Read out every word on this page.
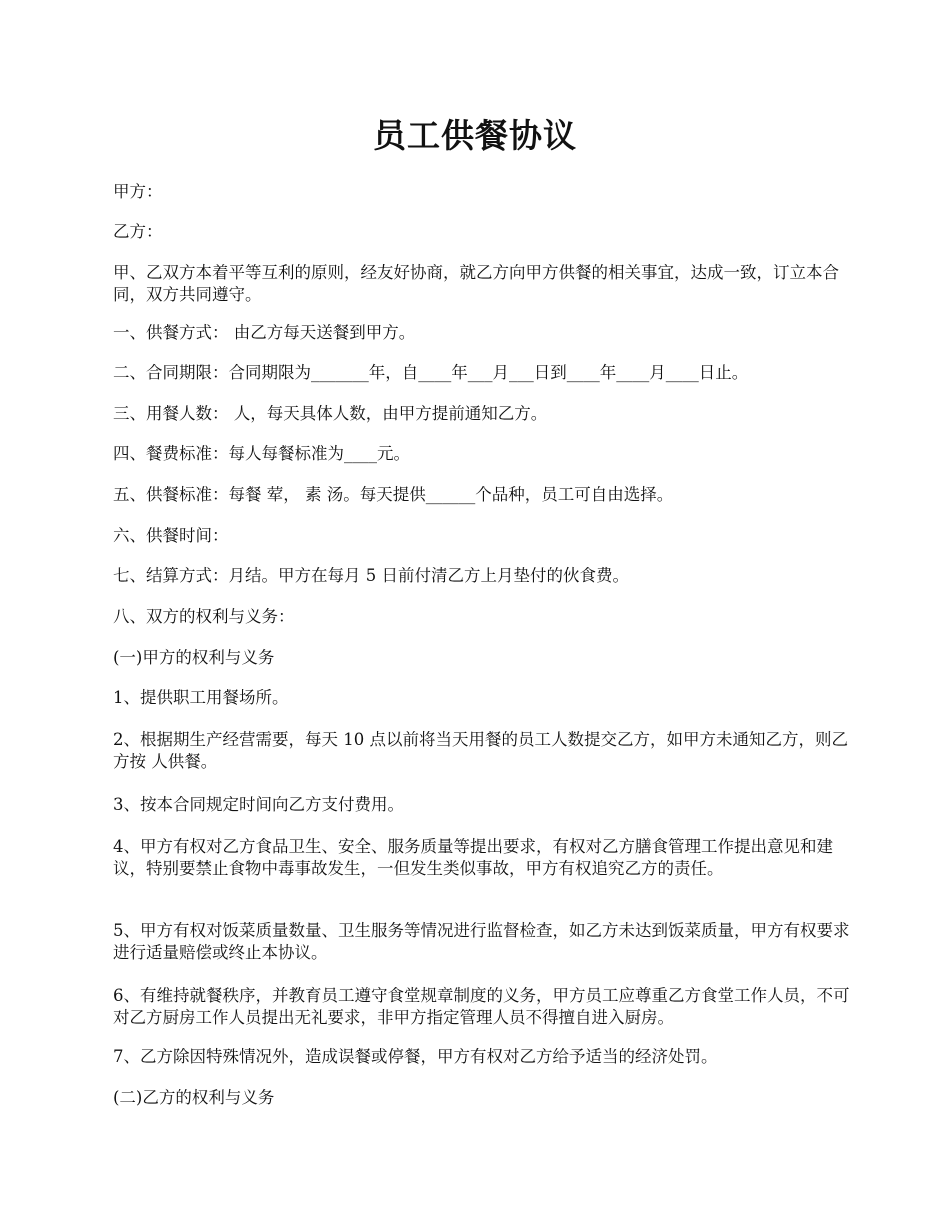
员工供餐协议

甲方：

乙方：

甲、乙双方本着平等互利的原则，经友好协商，就乙方向甲方供餐的相关事宜，达成一致，订立本合同，双方共同遵守。

一、供餐方式： 由乙方每天送餐到甲方。

二、合同期限：合同期限为_______年，自____年___月___日到____年____月____日止。

三、用餐人数： 人，每天具体人数，由甲方提前通知乙方。

四、餐费标准：每人每餐标准为____元。

五、供餐标准：每餐 荤， 素 汤。每天提供______个品种，员工可自由选择。

六、供餐时间：

七、结算方式：月结。甲方在每月 5 日前付清乙方上月垫付的伙食费。

八、双方的权利与义务：

(一)甲方的权利与义务

1、提供职工用餐场所。

2、根据期生产经营需要，每天 10 点以前将当天用餐的员工人数提交乙方，如甲方未通知乙方，则乙方按 人供餐。

3、按本合同规定时间向乙方支付费用。

4、甲方有权对乙方食品卫生、安全、服务质量等提出要求，有权对乙方膳食管理工作提出意见和建议，特别要禁止食物中毒事故发生，一但发生类似事故，甲方有权追究乙方的责任。

5、甲方有权对饭菜质量数量、卫生服务等情况进行监督检查，如乙方未达到饭菜质量，甲方有权要求进行适量赔偿或终止本协议。

6、有维持就餐秩序，并教育员工遵守食堂规章制度的义务，甲方员工应尊重乙方食堂工作人员，不可对乙方厨房工作人员提出无礼要求，非甲方指定管理人员不得擅自进入厨房。

7、乙方除因特殊情况外，造成误餐或停餐，甲方有权对乙方给予适当的经济处罚。

(二)乙方的权利与义务
